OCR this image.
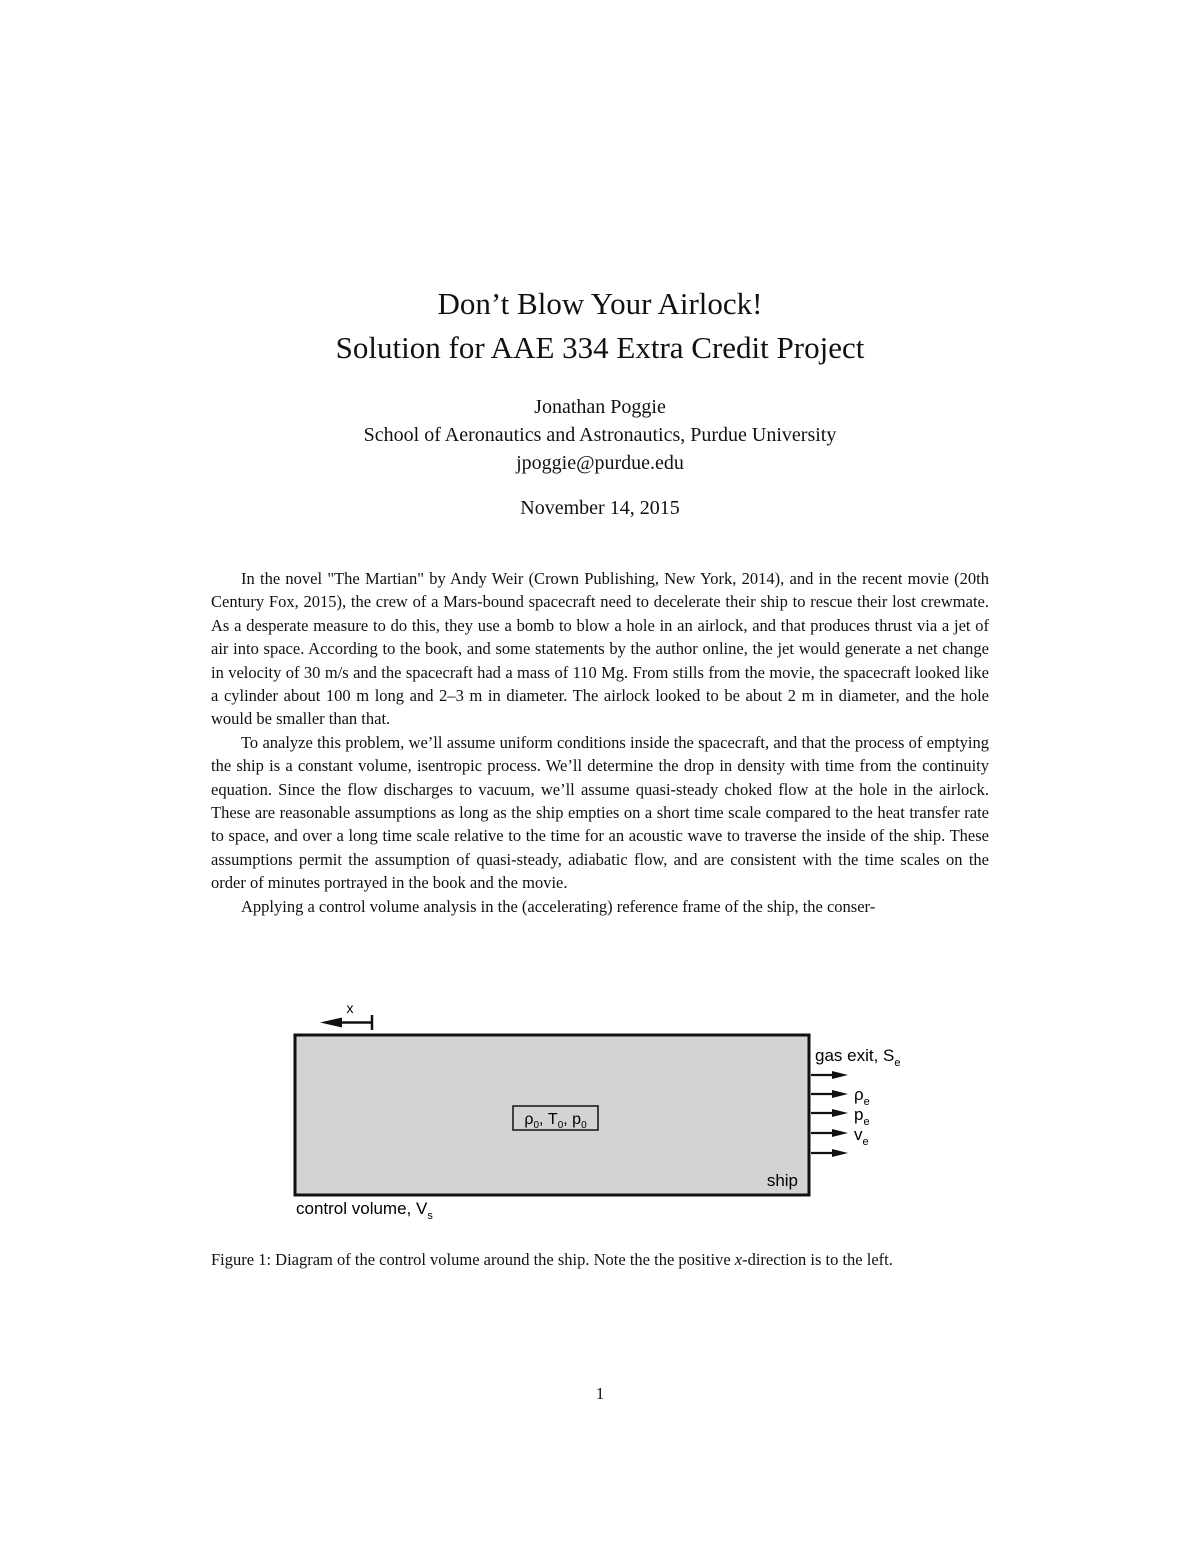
Don’t Blow Your Airlock!
Solution for AAE 334 Extra Credit Project
Jonathan Poggie
School of Aeronautics and Astronautics, Purdue University
jpoggie@purdue.edu
November 14, 2015

In the novel "The Martian" by Andy Weir (Crown Publishing, New York, 2014), and in the recent movie (20th Century Fox, 2015), the crew of a Mars-bound spacecraft need to decelerate their ship to rescue their lost crewmate. As a desperate measure to do this, they use a bomb to blow a hole in an airlock, and that produces thrust via a jet of air into space. According to the book, and some statements by the author online, the jet would generate a net change in velocity of 30 m/s and the spacecraft had a mass of 110 Mg. From stills from the movie, the spacecraft looked like a cylinder about 100 m long and 2–3 m in diameter. The airlock looked to be about 2 m in diameter, and the hole would be smaller than that.

To analyze this problem, we’ll assume uniform conditions inside the spacecraft, and that the process of emptying the ship is a constant volume, isentropic process. We’ll determine the drop in density with time from the continuity equation. Since the flow discharges to vacuum, we’ll assume quasi-steady choked flow at the hole in the airlock. These are reasonable assumptions as long as the ship empties on a short time scale compared to the heat transfer rate to space, and over a long time scale relative to the time for an acoustic wave to traverse the inside of the ship. These assumptions permit the assumption of quasi-steady, adiabatic flow, and are consistent with the time scales on the order of minutes portrayed in the book and the movie.

Applying a control volume analysis in the (accelerating) reference frame of the ship, the conser-

x
$\rho_0$, $T_0$, $p_0$
ship
control volume, $V_s$
gas exit, $S_e$
$\rho_e$
$p_e$
$v_e$
Figure 1: Diagram of the control volume around the ship. Note the the positive x-direction is to the left.
1
